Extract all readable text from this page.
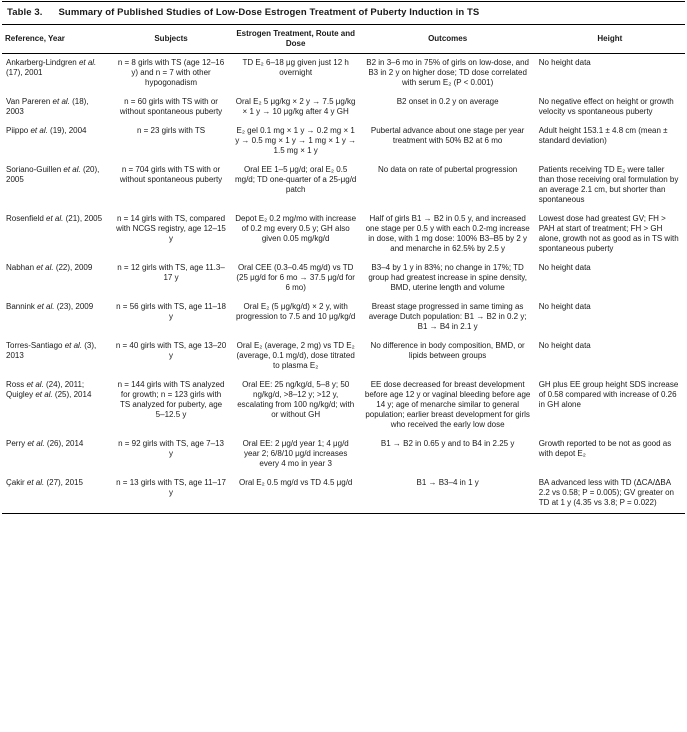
Table 3. Summary of Published Studies of Low-Dose Estrogen Treatment of Puberty Induction in TS
Reference, Year	Subjects	Estrogen Treatment, Route and Dose	Outcomes	Height
Ankarberg-Lindgren et al. (17), 2001	n = 8 girls with TS (age 12–16 y) and n = 7 with other hypogonadism	TD E₂ 6–18 μg given just 12 h overnight	B2 in 3–6 mo in 75% of girls on low-dose, and B3 in 2 y on higher dose; TD dose correlated with serum E₂ (P < 0.001)	No height data
Van Pareren et al. (18), 2003	n = 60 girls with TS with or without spontaneous puberty	Oral E₂ 5 μg/kg × 2 y → 7.5 μg/kg × 1 y → 10 μg/kg after 4 y GH	B2 onset in 0.2 y on average	No negative effect on height or growth velocity vs spontaneous puberty
Piippo et al. (19), 2004	n = 23 girls with TS	E₂ gel 0.1 mg × 1 y → 0.2 mg × 1 y → 0.5 mg × 1 y → 1 mg × 1 y → 1.5 mg × 1 y	Pubertal advance about one stage per year treatment with 50% B2 at 6 mo	Adult height 153.1 ± 4.8 cm (mean ± standard deviation)
Soriano-Guillen et al. (20), 2005	n = 704 girls with TS with or without spontaneous puberty	Oral EE 1–5 μg/d; oral E₂ 0.5 mg/d; TD one-quarter of a 25-μg/d patch	No data on rate of pubertal progression	Patients receiving TD E₂ were taller than those receiving oral formulation by an average 2.1 cm, but shorter than spontaneous
Rosenfield et al. (21), 2005	n = 14 girls with TS, compared with NCGS registry, age 12–15 y	Depot E₂ 0.2 mg/mo with increase of 0.2 mg every 0.5 y; GH also given 0.05 mg/kg/d	Half of girls B1 → B2 in 0.5 y, and increased one stage per 0.5 y with each 0.2-mg increase in dose, with 1 mg dose: 100% B3–B5 by 2 y and menarche in 62.5% by 2.5 y	Lowest dose had greatest GV; FH > PAH at start of treatment; FH > GH alone, growth not as good as in TS with spontaneous puberty
Nabhan et al. (22), 2009	n = 12 girls with TS, age 11.3–17 y	Oral CEE (0.3–0.45 mg/d) vs TD (25 μg/d for 6 mo → 37.5 μg/d for 6 mo)	B3–4 by 1 y in 83%; no change in 17%; TD group had greatest increase in spine density, BMD, uterine length and volume	No height data
Bannink et al. (23), 2009	n = 56 girls with TS, age 11–18 y	Oral E₂ (5 μg/kg/d) × 2 y, with progression to 7.5 and 10 μg/kg/d	Breast stage progressed in same timing as average Dutch population: B1 → B2 in 0.2 y; B1 → B4 in 2.1 y	No height data
Torres-Santiago et al. (3), 2013	n = 40 girls with TS, age 13–20 y	Oral E₂ (average, 2 mg) vs TD E₂ (average, 0.1 mg/d), dose titrated to plasma E₂	No difference in body composition, BMD, or lipids between groups	No height data
Ross et al. (24), 2011; Quigley et al. (25), 2014	n = 144 girls with TS analyzed for growth; n = 123 girls with TS analyzed for puberty, age 5–12.5 y	Oral EE: 25 ng/kg/d, 5–8 y; 50 ng/kg/d, >8–12 y; >12 y, escalating from 100 ng/kg/d; with or without GH	EE dose decreased for breast development before age 12 y or vaginal bleeding before age 14 y; age of menarche similar to general population; earlier breast development for girls who received the early low dose	GH plus EE group height SDS increase of 0.58 compared with increase of 0.26 in GH alone
Perry et al. (26), 2014	n = 92 girls with TS, age 7–13 y	Oral EE: 2 μg/d year 1; 4 μg/d year 2; 6/8/10 μg/d increases every 4 mo in year 3	B1 → B2 in 0.65 y and to B4 in 2.25 y	Growth reported to be not as good as with depot E₂
Çakir et al. (27), 2015	n = 13 girls with TS, age 11–17 y	Oral E₂ 0.5 mg/d vs TD 4.5 μg/d	B1 → B3–4 in 1 y	BA advanced less with TD (ΔCA/ΔBA 2.2 vs 0.58; P = 0.005); GV greater on TD at 1 y (4.35 vs 3.8; P = 0.022)
